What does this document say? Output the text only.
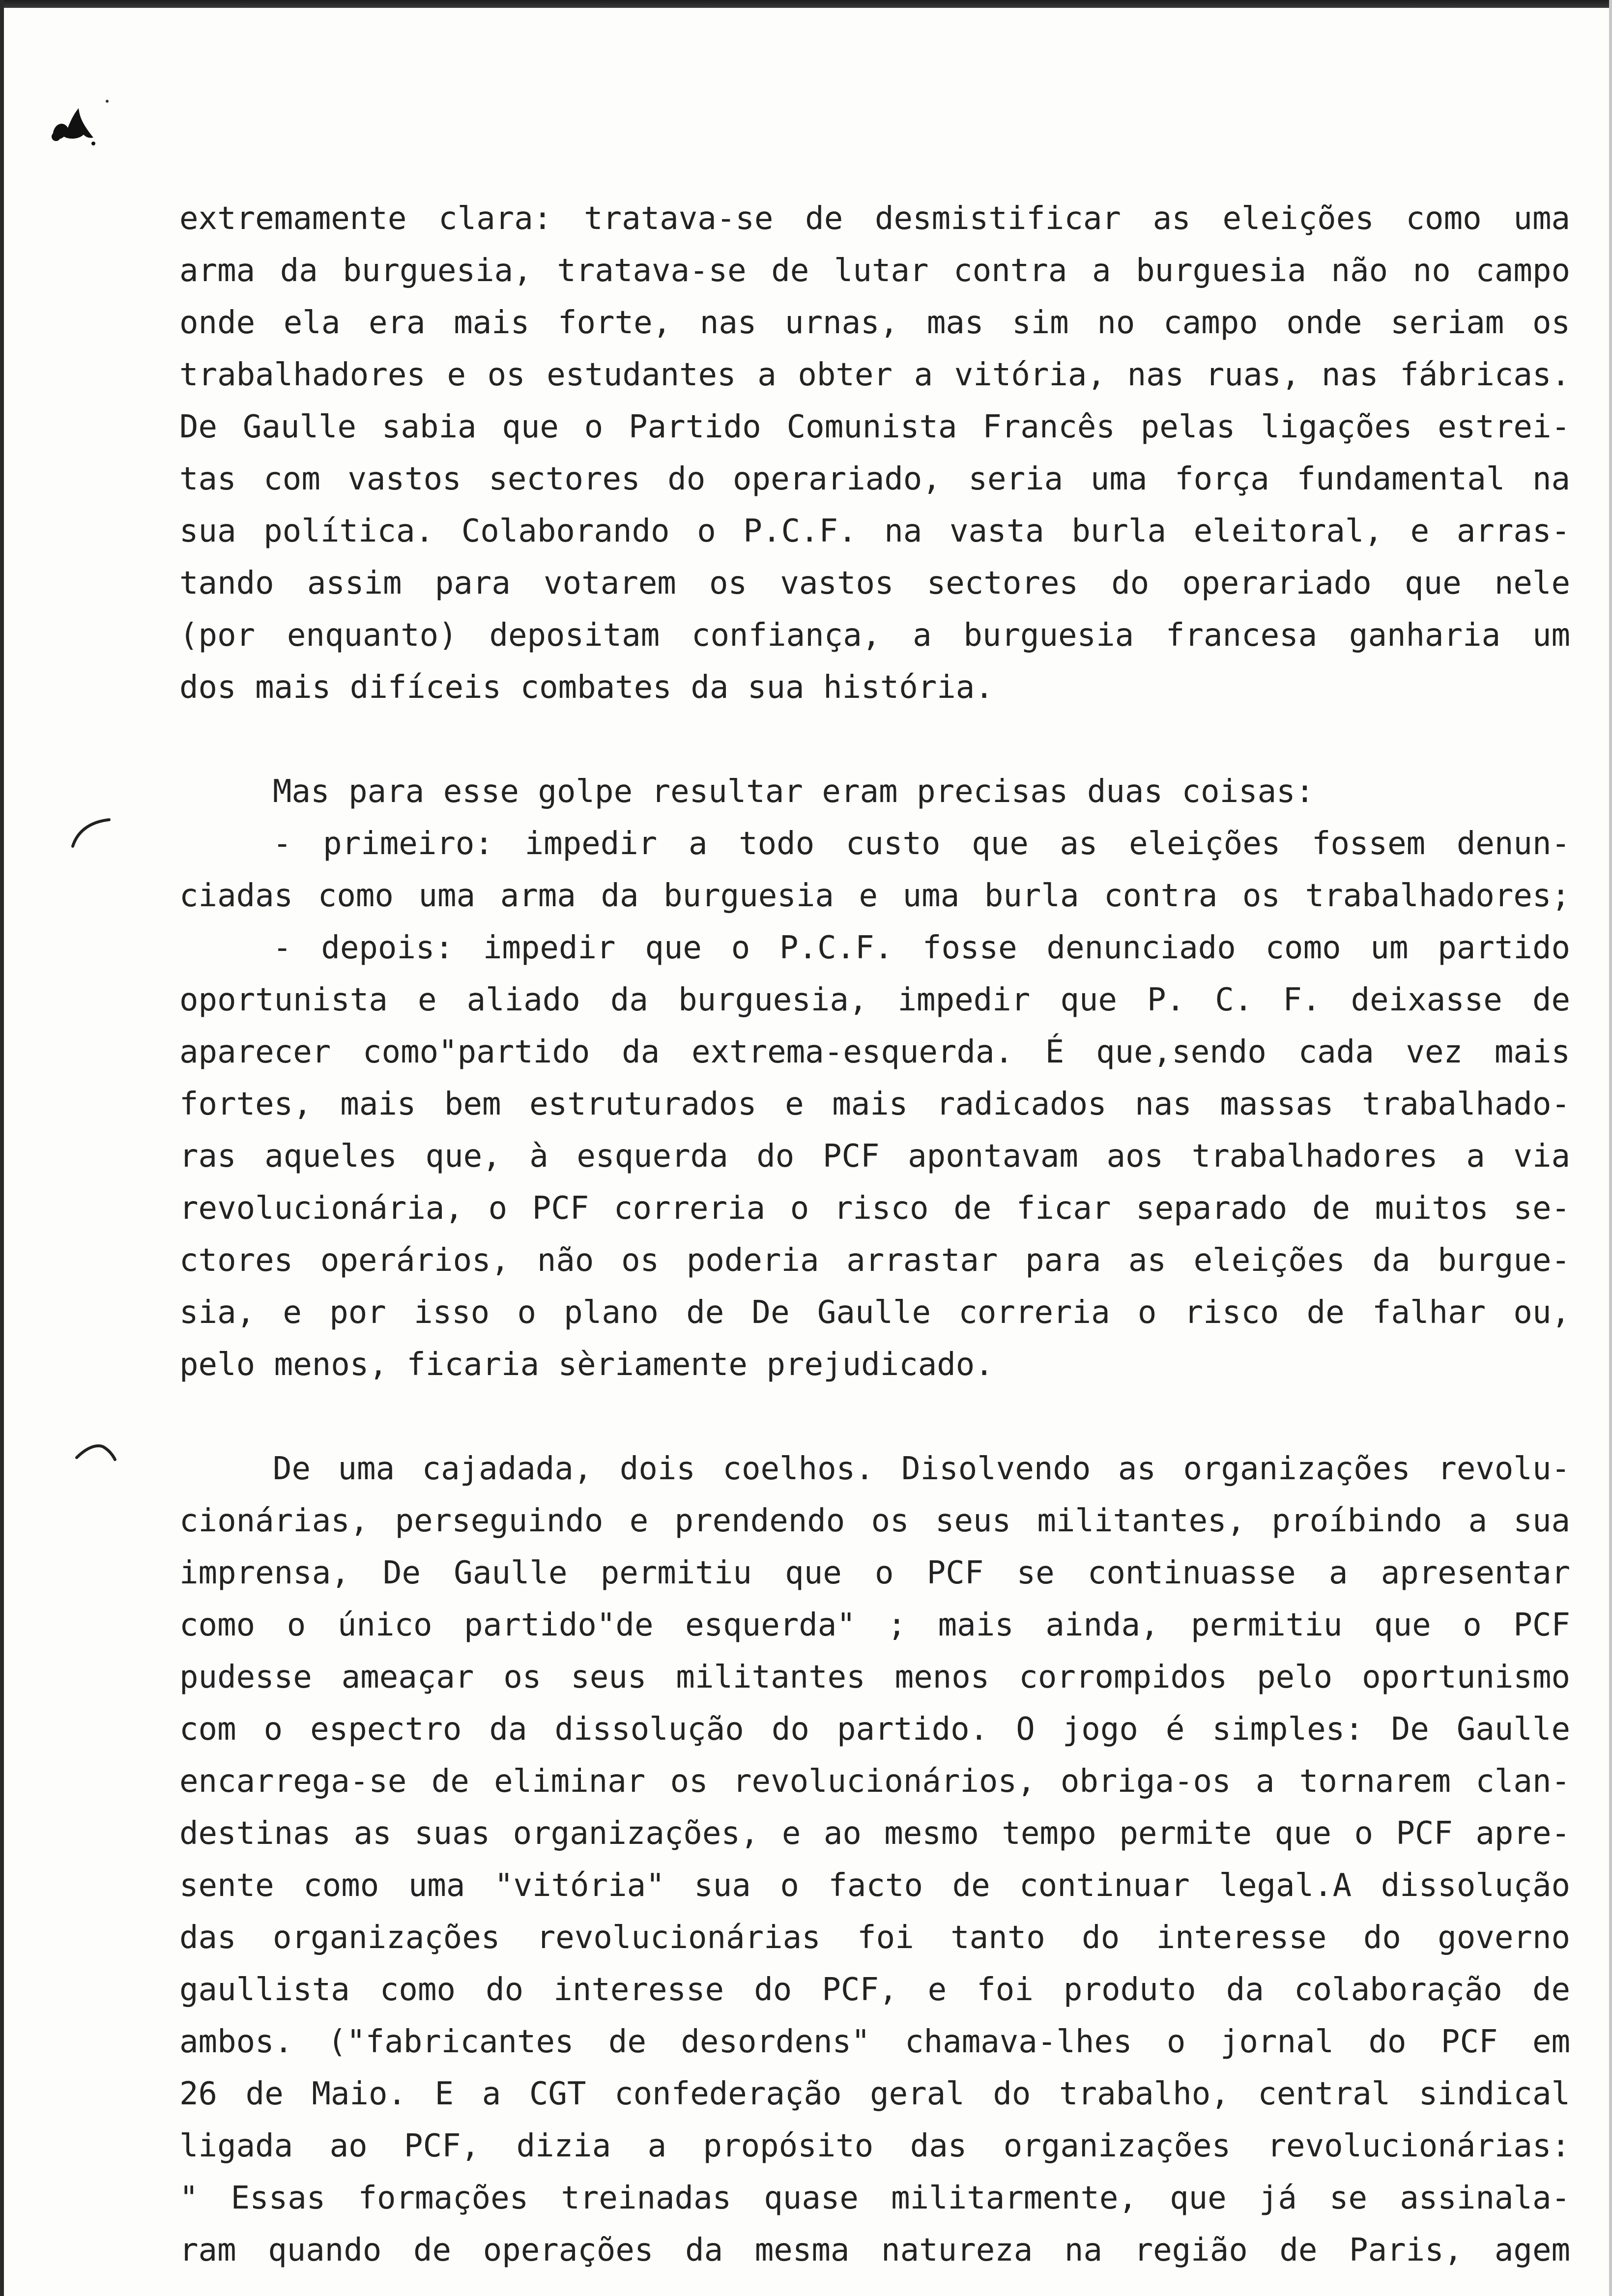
extremamente clara: tratava-se de desmistificar as eleições como uma
arma da burguesia, tratava-se de lutar contra a burguesia não no campo
onde ela era mais forte, nas urnas, mas sim no campo onde seriam os
trabalhadores e os estudantes a obter a vitória, nas ruas, nas fábricas.
De Gaulle sabia que o Partido Comunista Francês pelas ligações estrei-
tas com vastos sectores do operariado, seria uma força fundamental na
sua política. Colaborando o P.C.F. na vasta burla eleitoral, e arras-
tando assim para votarem os vastos sectores do operariado que nele
(por enquanto) depositam confiança, a burguesia francesa ganharia um
dos mais difíceis combates da sua história.
Mas para esse golpe resultar eram precisas duas coisas:
- primeiro: impedir a todo custo que as eleições fossem denun-
ciadas como uma arma da burguesia e uma burla contra os trabalhadores;
- depois: impedir que o P.C.F. fosse denunciado como um partido
oportunista e aliado da burguesia, impedir que P. C. F. deixasse de
aparecer como"partido da extrema-esquerda. É que,sendo cada vez mais
fortes, mais bem estruturados e mais radicados nas massas trabalhado-
ras aqueles que, à esquerda do PCF apontavam aos trabalhadores a via
revolucionária, o PCF correria o risco de ficar separado de muitos se-
ctores operários, não os poderia arrastar para as eleições da burgue-
sia, e por isso o plano de De Gaulle correria o risco de falhar ou,
pelo menos, ficaria sèriamente prejudicado.
De uma cajadada, dois coelhos. Disolvendo as organizações revolu-
cionárias, perseguindo e prendendo os seus militantes, proíbindo a sua
imprensa, De Gaulle permitiu que o PCF se continuasse a apresentar
como o único partido"de esquerda" ; mais ainda, permitiu que o PCF
pudesse ameaçar os seus militantes menos corrompidos pelo oportunismo
com o espectro da dissolução do partido. O jogo é simples: De Gaulle
encarrega-se de eliminar os revolucionários, obriga-os a tornarem clan-
destinas as suas organizações, e ao mesmo tempo permite que o PCF apre-
sente como uma "vitória" sua o facto de continuar legal.A dissolução
das organizações revolucionárias foi tanto do interesse do governo
gaullista como do interesse do PCF, e foi produto da colaboração de
ambos. ("fabricantes de desordens" chamava-lhes o jornal do PCF em
26 de Maio. E a CGT confederação geral do trabalho, central sindical
ligada ao PCF, dizia a propósito das organizações revolucionárias:
" Essas formações treinadas quase militarmente, que já se assinala-
ram quando de operações da mesma natureza na região de Paris, agem
